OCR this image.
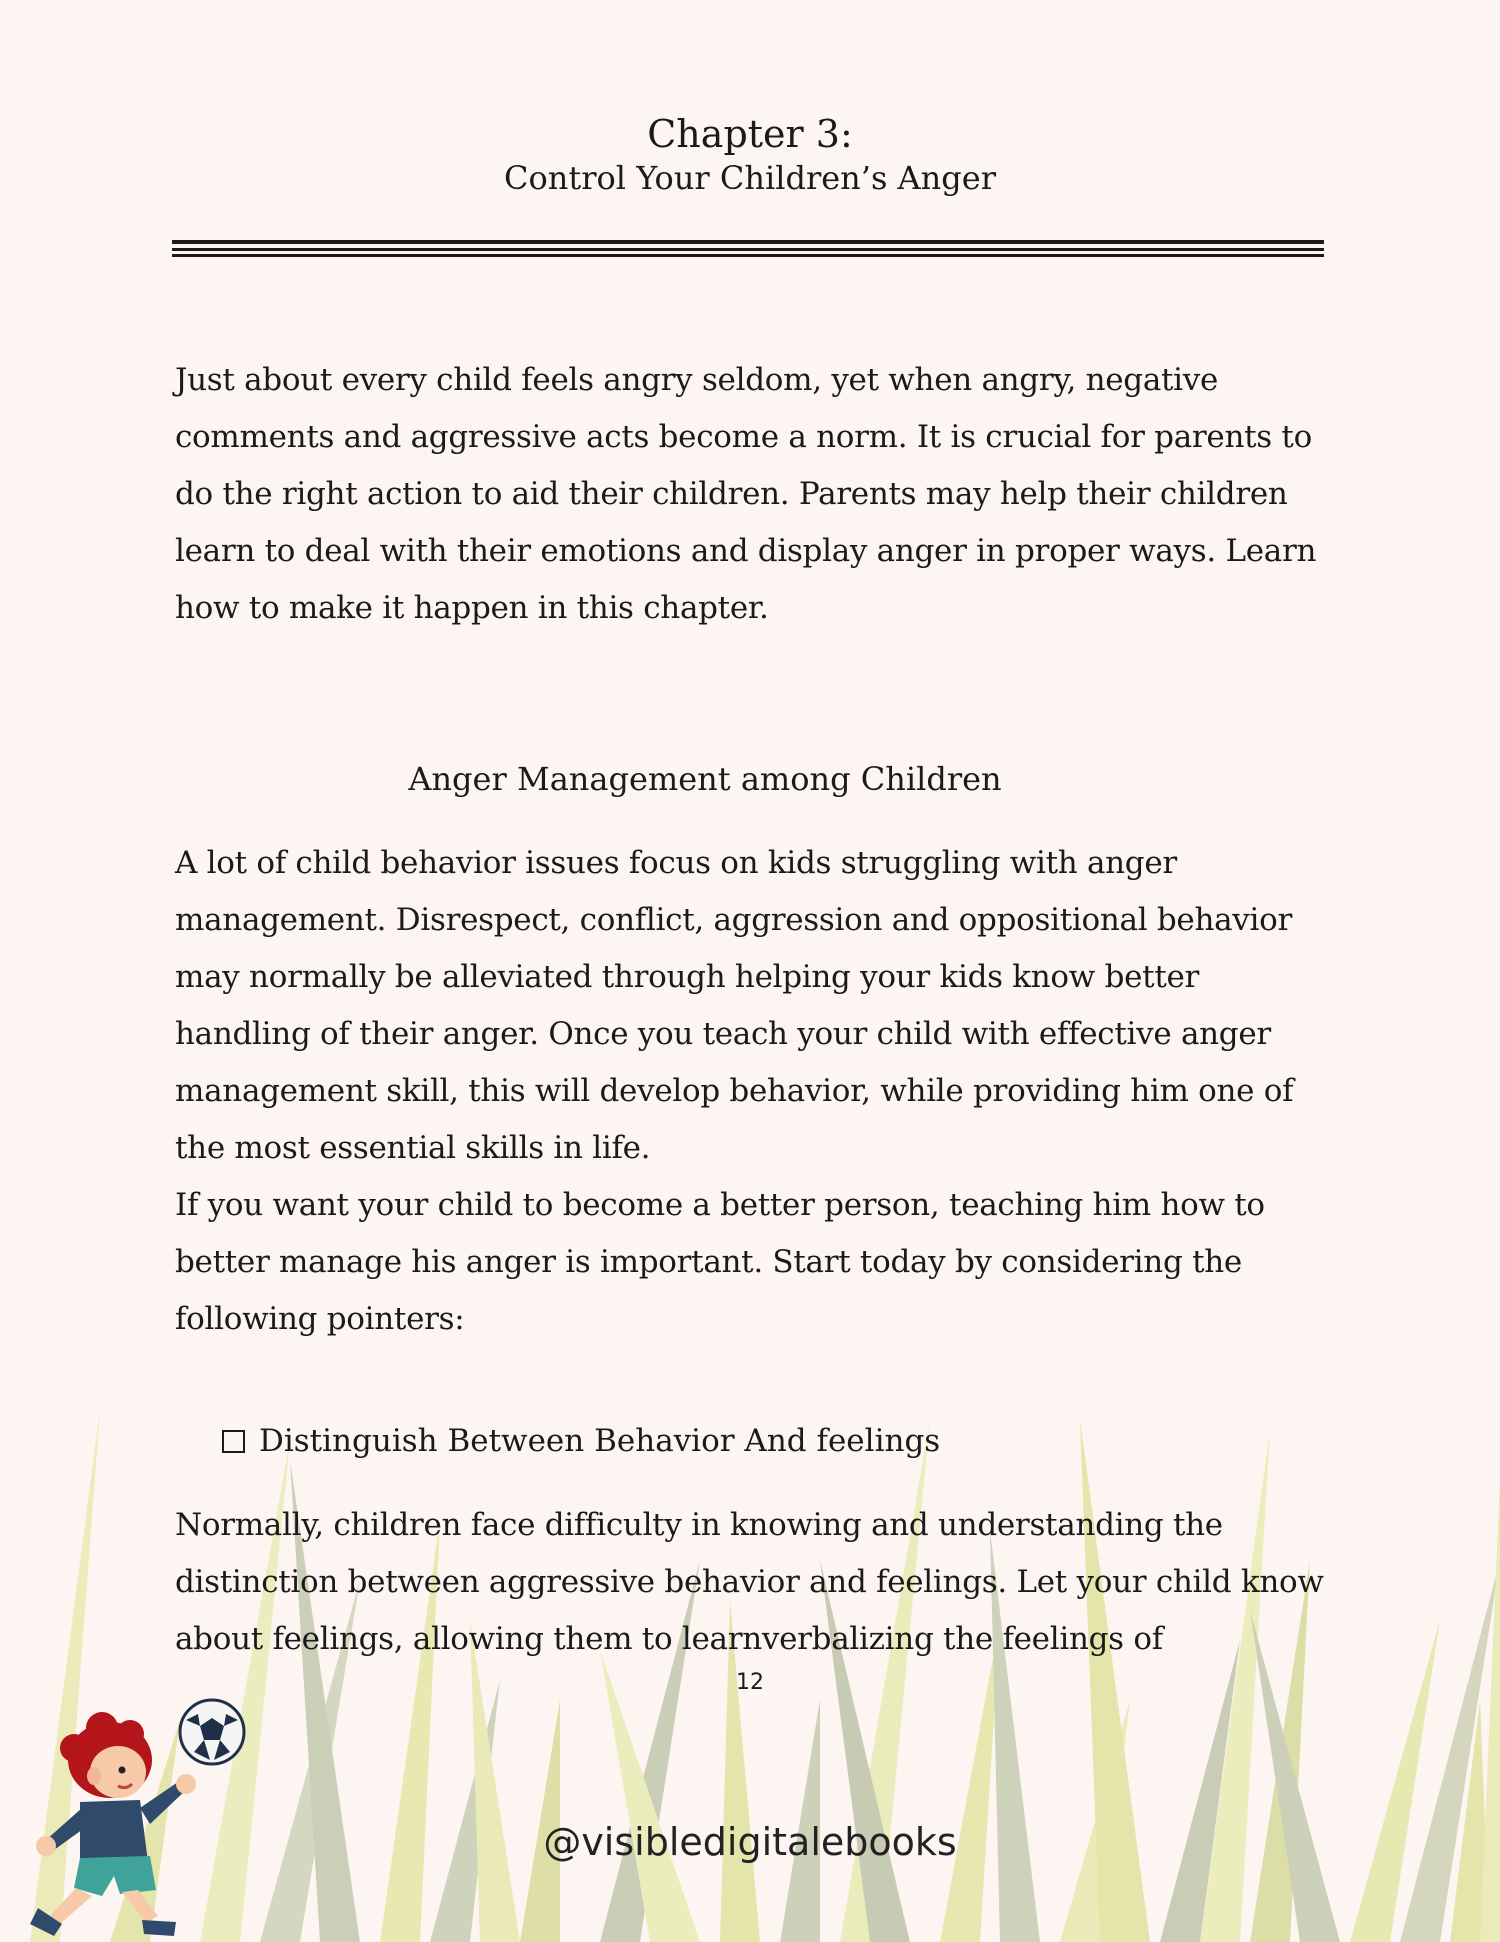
Chapter 3:
Control Your Children’s Anger

Just about every child feels angry seldom, yet when angry, negative comments and aggressive acts become a norm. It is crucial for parents to do the right action to aid their children. Parents may help their children learn to deal with their emotions and display anger in proper ways. Learn how to make it happen in this chapter.

Anger Management among Children

A lot of child behavior issues focus on kids struggling with anger management. Disrespect, conflict, aggression and oppositional behavior may normally be alleviated through helping your kids know better handling of their anger. Once you teach your child with effective anger management skill, this will develop behavior, while providing him one of the most essential skills in life.

If you want your child to become a better person, teaching him how to better manage his anger is important. Start today by considering the following pointers:

Distinguish Between Behavior And feelings

Normally, children face difficulty in knowing and understanding the distinction between aggressive behavior and feelings. Let your child know about feelings, allowing them to learnverbalizing the feelings of

12
@visibledigitalebooks
